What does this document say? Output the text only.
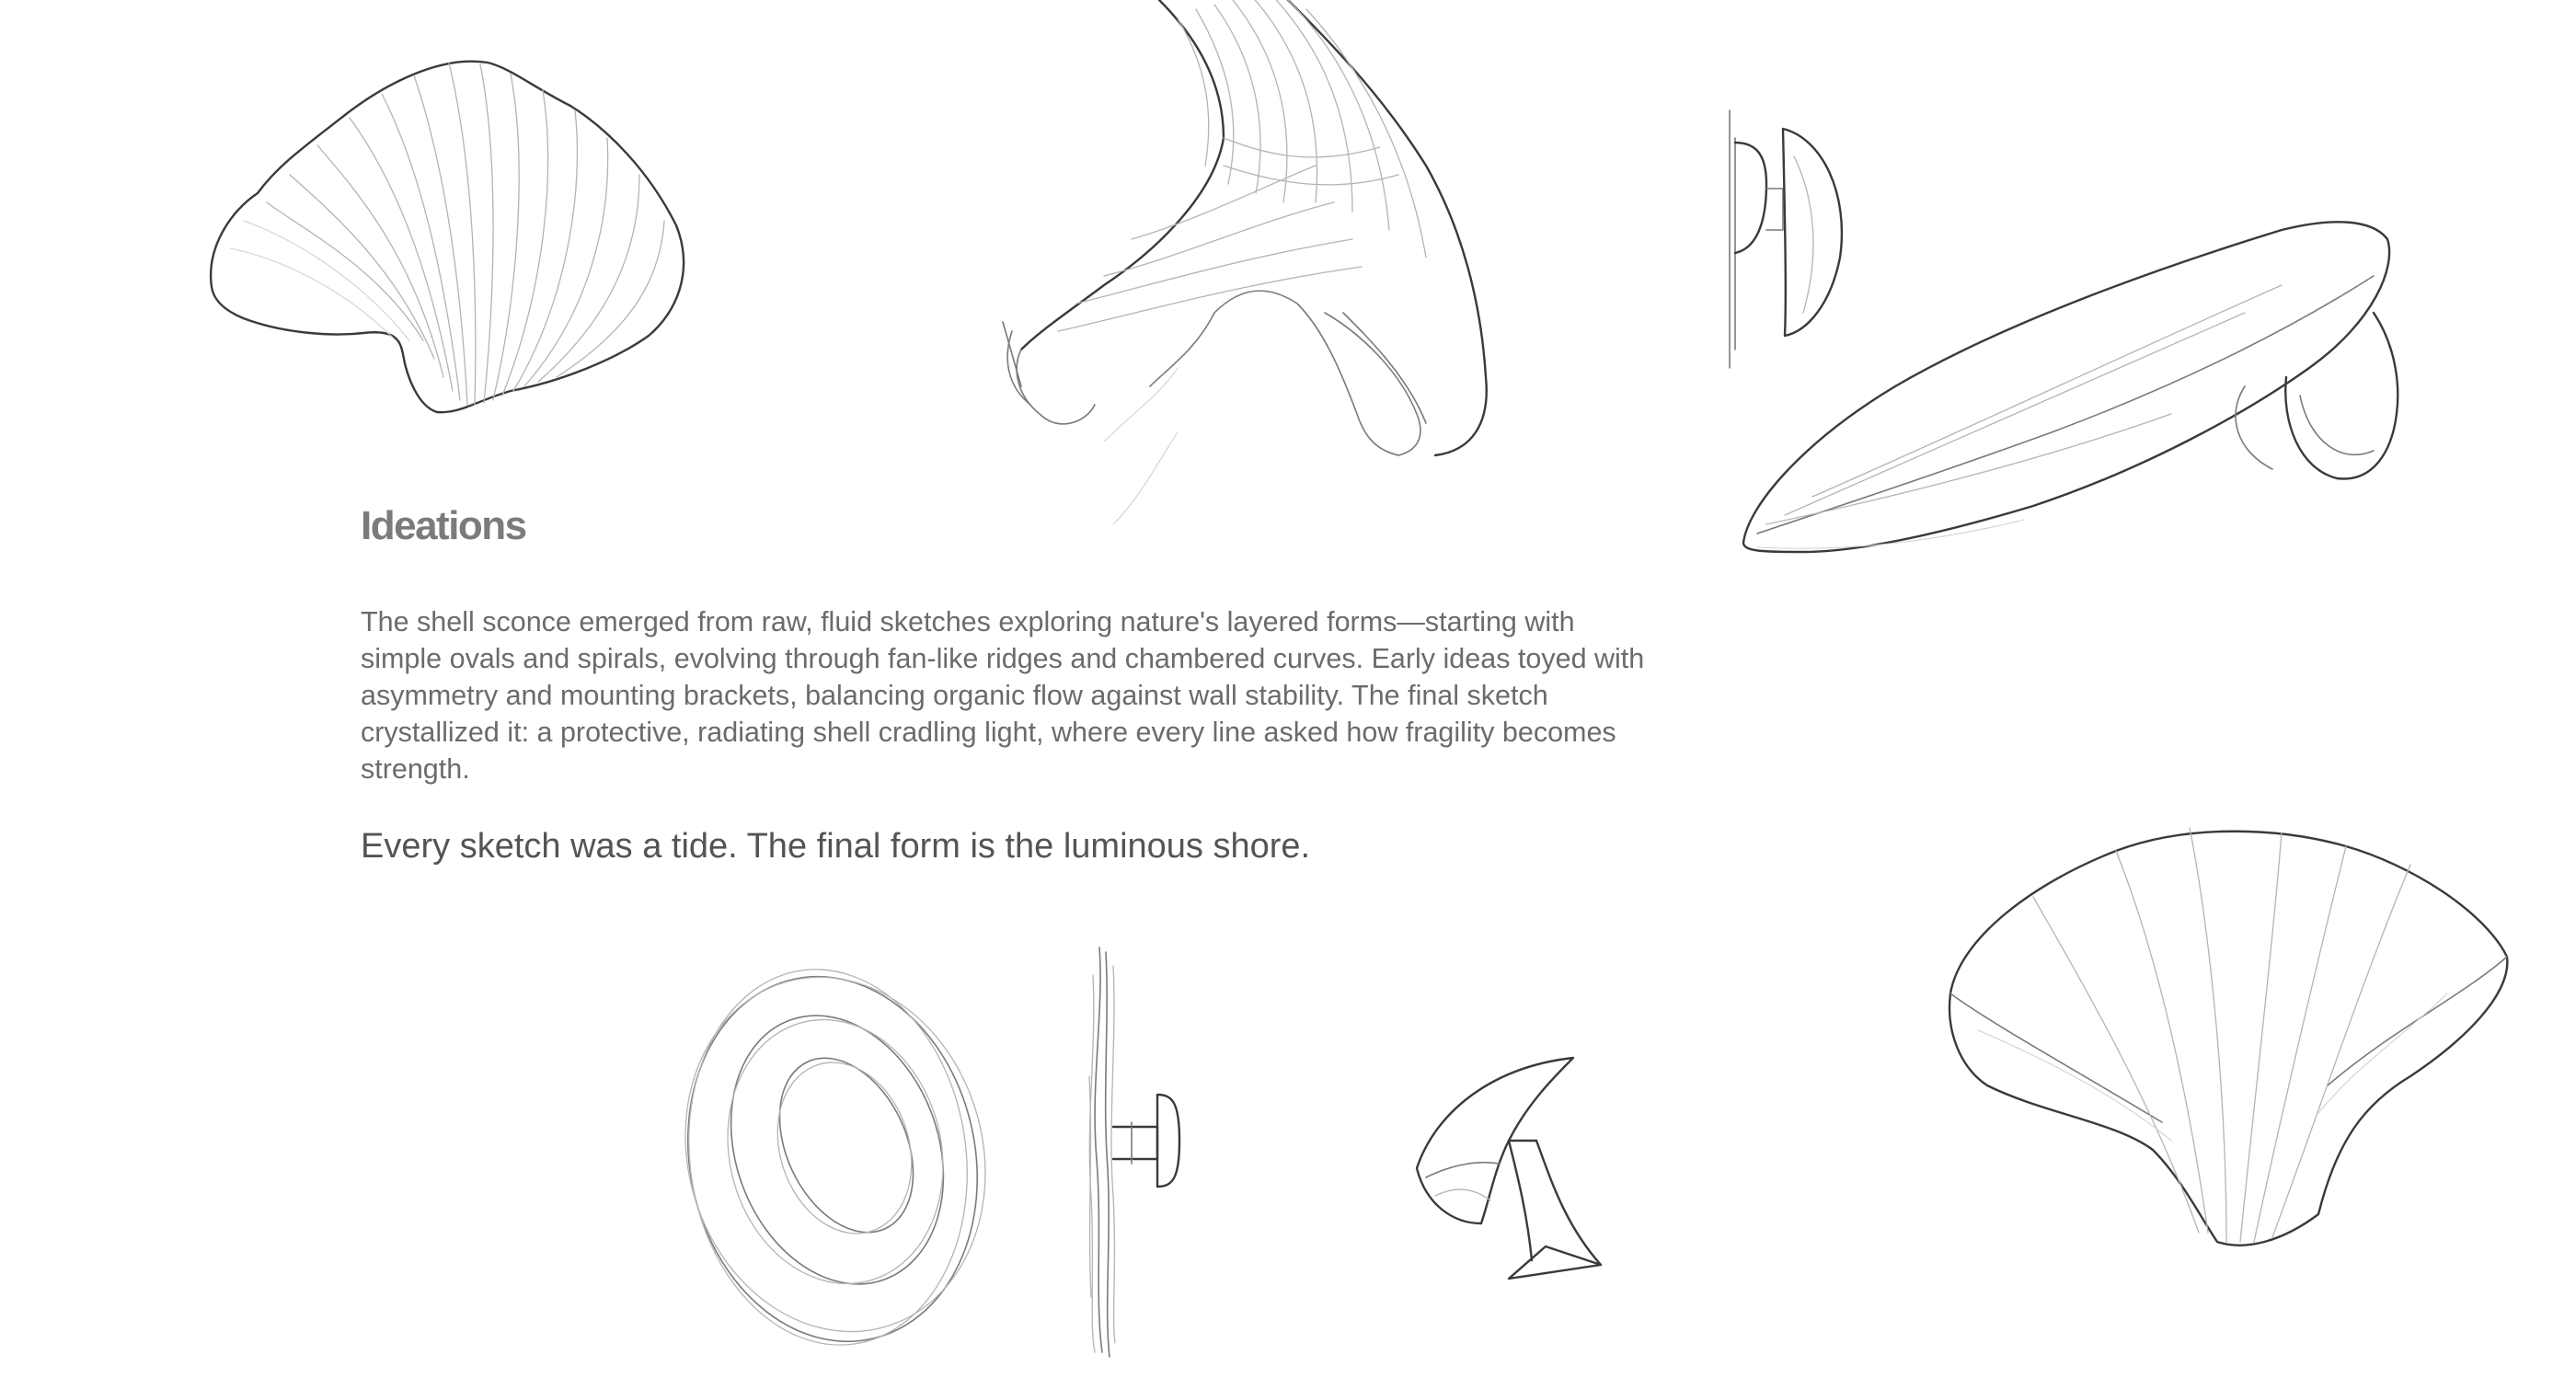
Ideations

The shell sconce emerged from raw, fluid sketches exploring nature's layered forms—starting with simple ovals and spirals, evolving through fan-like ridges and chambered curves. Early ideas toyed with asymmetry and mounting brackets, balancing organic flow against wall stability. The final sketch crystallized it: a protective, radiating shell cradling light, where every line asked how fragility becomes strength.

Every sketch was a tide. The final form is the luminous shore.
